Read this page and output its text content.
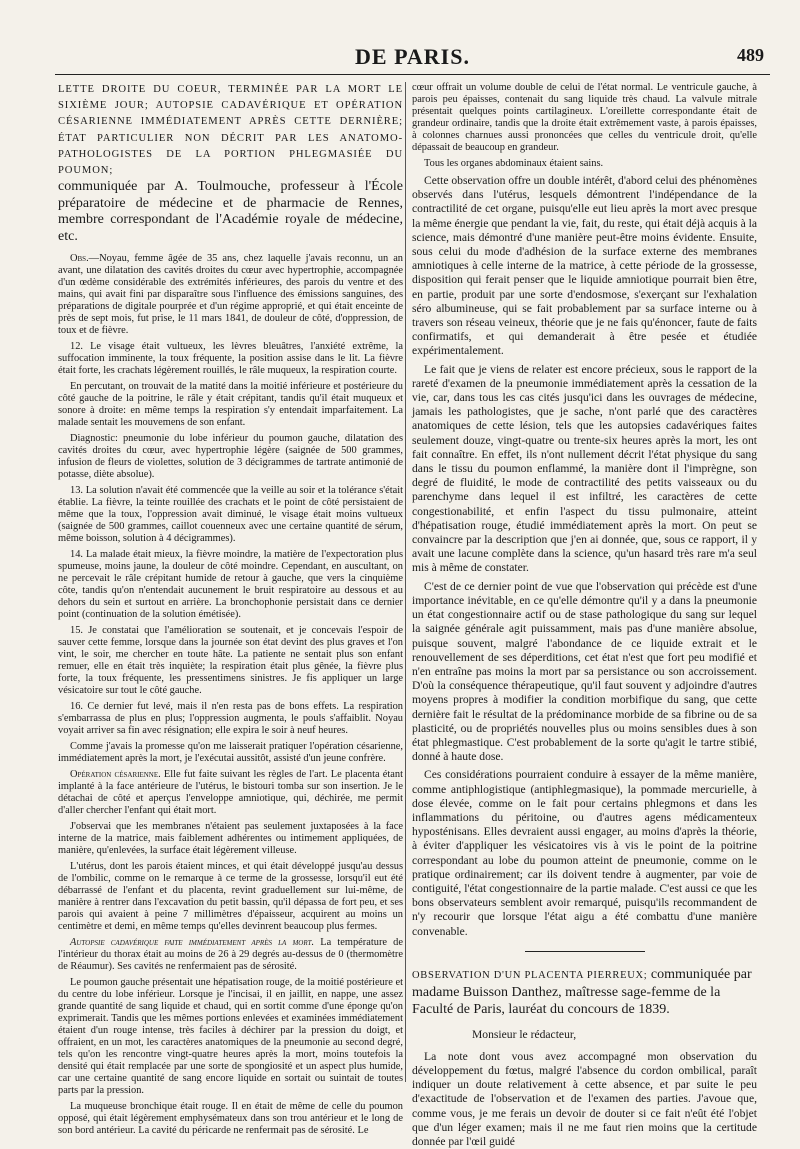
DE PARIS.	489

LETTE DROITE DU COEUR, TERMINÉE PAR LA MORT LE SIXIÈME JOUR; AUTOPSIE CADAVÉRIQUE ET OPÉRATION CÉSARIENNE IMMÉDIATEMENT APRÈS CETTE DERNIÈRE; ÉTAT PARTICULIER NON DÉCRIT PAR LES ANATOMO-PATHOLOGISTES DE LA PORTION PHLEGMASIÉE DU POUMON;

communiquée par A. Toulmouche, professeur à l'École préparatoire de médecine et de pharmacie de Rennes, membre correspondant de l'Académie royale de médecine, etc.

Obs.—Noyau, femme âgée de 35 ans, chez laquelle j'avais reconnu, un an avant, une dilatation des cavités droites du cœur avec hypertrophie, accompagnée d'un œdème considérable des extrémités inférieures, des parois du ventre et des mains, qui avait fini par disparaître sous l'influence des émissions sanguines, des préparations de digitale pourprée et d'un régime approprié, et qui était enceinte de près de sept mois, fut prise, le 11 mars 1841, de douleur de côté, d'oppression, de toux et de fièvre.

12. Le visage était vultueux, les lèvres bleuâtres, l'anxiété extrême, la suffocation imminente, la toux fréquente, la position assise dans le lit. La fièvre était forte, les crachats légèrement rouillés, le râle muqueux, la respiration courte.

En percutant, on trouvait de la matité dans la moitié inférieure et postérieure du côté gauche de la poitrine, le râle y était crépitant, tandis qu'il était muqueux et sonore à droite: en même temps la respiration s'y entendait imparfaitement. La malade sentait les mouvemens de son enfant.

Diagnostic: pneumonie du lobe inférieur du poumon gauche, dilatation des cavités droites du cœur, avec hypertrophie légère (saignée de 500 grammes, infusion de fleurs de violettes, solution de 3 décigrammes de tartrate antimonié de potasse, diète absolue).

13. La solution n'avait été commencée que la veille au soir et la tolérance s'était établie. La fièvre, la teinte rouillée des crachats et le point de côté persistaient de même que la toux, l'oppression avait diminué, le visage était moins vultueux (saignée de 500 grammes, caillot couenneux avec une certaine quantité de sérum, même boisson, solution à 4 décigrammes).

14. La malade était mieux, la fièvre moindre, la matière de l'expectoration plus spumeuse, moins jaune, la douleur de côté moindre. Cependant, en auscultant, on ne percevait le râle crépitant humide de retour à gauche, que vers la cinquième côte, tandis qu'on n'entendait aucunement le bruit respiratoire au dessous et au dehors du sein et surtout en arrière. La bronchophonie persistait dans ce dernier point (continuation de la solution émétisée).

15. Je constatai que l'amélioration se soutenait, et je concevais l'espoir de sauver cette femme, lorsque dans la journée son état devint des plus graves et l'on vint, le soir, me chercher en toute hâte. La patiente ne sentait plus son enfant remuer, elle en était très inquiète; la respiration était plus gênée, la fièvre plus forte, la toux fréquente, les pressentimens sinistres. Je fis appliquer un large vésicatoire sur tout le côté gauche.

16. Ce dernier fut levé, mais il n'en resta pas de bons effets. La respiration s'embarrassa de plus en plus; l'oppression augmenta, le pouls s'affaiblit. Noyau voyait arriver sa fin avec résignation; elle expira le soir à neuf heures.

Comme j'avais la promesse qu'on me laisserait pratiquer l'opération césarienne, immédiatement après la mort, je l'exécutai aussitôt, assisté d'un jeune confrère.

Opération césarienne. Elle fut faite suivant les règles de l'art. Le placenta étant implanté à la face antérieure de l'utérus, le bistouri tomba sur son insertion. Je le détachai de côté et aperçus l'enveloppe amniotique, qui, déchirée, me permit d'aller chercher l'enfant qui était mort.

J'observai que les membranes n'étaient pas seulement juxtaposées à la face interne de la matrice, mais faiblement adhérentes ou intimement appliquées, de manière, qu'enlevées, la surface était légèrement villeuse.

L'utérus, dont les parois étaient minces, et qui était développé jusqu'au dessus de l'ombilic, comme on le remarque à ce terme de la grossesse, lorsqu'il eut été débarrassé de l'enfant et du placenta, revint graduellement sur lui-même, de manière à rentrer dans l'excavation du petit bassin, qu'il dépassa de fort peu, et ses parois qui avaient à peine 7 millimètres d'épaisseur, acquirent au moins un centimètre et demi, en même temps qu'elles devinrent beaucoup plus fermes.

Autopsie cadavérique faite immédiatement après la mort. La température de l'intérieur du thorax était au moins de 26 à 29 degrés au-dessus de 0 (thermomètre de Réaumur). Ses cavités ne renfermaient pas de sérosité.

Le poumon gauche présentait une hépatisation rouge, de la moitié postérieure et du centre du lobe inférieur. Lorsque je l'incisai, il en jaillit, en nappe, une assez grande quantité de sang liquide et chaud, qui en sortit comme d'une éponge qu'on exprimerait. Tandis que les mêmes portions enlevées et examinées immédiatement étaient d'un rouge intense, très faciles à déchirer par la pression du doigt, et offraient, en un mot, les caractères anatomiques de la pneumonie au second degré, tels qu'on les rencontre vingt-quatre heures après la mort, moins toutefois la densité qui était remplacée par une sorte de spongiosité et un aspect plus humide, car une certaine quantité de sang encore liquide en sortait ou suintait de toutes parts par la pression.

La muqueuse bronchique était rouge. Il en était de même de celle du poumon opposé, qui était légèrement emphysémateux dans son trou antérieur et le long de son bord antérieur. La cavité du péricarde ne renfermait pas de sérosité. Le

cœur offrait un volume double de celui de l'état normal. Le ventricule gauche, à parois peu épaisses, contenait du sang liquide très chaud. La valvule mitrale présentait quelques points cartilagineux. L'oreillette correspondante était de grandeur ordinaire, tandis que la droite était extrêmement vaste, à parois épaisses, à colonnes charnues aussi prononcées que celles du ventricule droit, qu'elle dépassait de beaucoup en grandeur.

Tous les organes abdominaux étaient sains.

Cette observation offre un double intérêt, d'abord celui des phénomènes observés dans l'utérus, lesquels démontrent l'indépendance de la contractilité de cet organe, puisqu'elle eut lieu après la mort avec presque la même énergie que pendant la vie, fait, du reste, qui était déjà acquis à la science, mais démontré d'une manière peut-être moins évidente. Ensuite, sous celui du mode d'adhésion de la surface externe des membranes amniotiques à celle interne de la matrice, à cette période de la grossesse, disposition qui ferait penser que le liquide amniotique pourrait bien être, en partie, produit par une sorte d'endosmose, s'exerçant sur l'exhalation séro albumineuse, qui se fait probablement par sa surface interne ou à travers son réseau veineux, théorie que je ne fais qu'énoncer, faute de faits confirmatifs, et qui demanderait à être pesée et étudiée expérimentalement.

Le fait que je viens de relater est encore précieux, sous le rapport de la rareté d'examen de la pneumonie immédiatement après la cessation de la vie, car, dans tous les cas cités jusqu'ici dans les ouvrages de médecine, jamais les pathologistes, que je sache, n'ont parlé que des caractères anatomiques de cette lésion, tels que les autopsies cadavériques faites seulement douze, vingt-quatre ou trente-six heures après la mort, les ont fait connaître. En effet, ils n'ont nullement décrit l'état physique du sang dans le tissu du poumon enflammé, la manière dont il l'imprègne, son degré de fluidité, le mode de contractilité des petits vaisseaux ou du parenchyme dans lequel il est infiltré, les caractères de cette congestionabilité, et enfin l'aspect du tissu pulmonaire, atteint d'hépatisation rouge, étudié immédiatement après la mort. On peut se convaincre par la description que j'en ai donnée, que, sous ce rapport, il y avait une lacune complète dans la science, qu'un hasard très rare m'a seul mis à même de constater.

C'est de ce dernier point de vue que l'observation qui précède est d'une importance inévitable, en ce qu'elle démontre qu'il y a dans la pneumonie un état congestionnaire actif ou de stase pathologique du sang sur lequel la saignée générale agit puissamment, mais pas d'une manière absolue, puisque souvent, malgré l'abondance de ce liquide extrait et le renouvellement de ses déperditions, cet état n'est que fort peu modifié et n'en entraîne pas moins la mort par sa persistance ou son accroissement. D'où la conséquence thérapeutique, qu'il faut souvent y adjoindre d'autres moyens propres à modifier la condition morbifique du sang, que cette dernière fait le résultat de la prédominance morbide de sa fibrine ou de sa plasticité, ou de propriétés nouvelles plus ou moins sensibles dues à son état phlegmastique. C'est probablement de la sorte qu'agit le tartre stibié, donné à haute dose.

Ces considérations pourraient conduire à essayer de la même manière, comme antiphlogistique (antiphlegmasique), la pommade mercurielle, à dose élevée, comme on le fait pour certains phlegmons et dans les inflammations du péritoine, ou d'autres agens médicamenteux hyposténisans. Elles devraient aussi engager, au moins d'après la théorie, à éviter d'appliquer les vésicatoires vis à vis le point de la poitrine correspondant au lobe du poumon atteint de pneumonie, comme on le pratique ordinairement; car ils doivent tendre à augmenter, par voie de contiguité, l'état congestionnaire de la partie malade. C'est aussi ce que les bons observateurs semblent avoir remarqué, puisqu'ils recommandent de n'y recourir que lorsque l'état aigu a été combattu d'une manière convenable.

OBSERVATION D'UN PLACENTA PIERREUX; communiquée par madame Buisson Danthez, maîtresse sage-femme de la Faculté de Paris, lauréat du concours de 1839.

Monsieur le rédacteur,

La note dont vous avez accompagné mon observation du développement du fœtus, malgré l'absence du cordon ombilical, paraît indiquer un doute relativement à cette absence, et par suite le peu d'exactitude de l'observation et de l'examen des parties. J'avoue que, comme vous, je me ferais un devoir de douter si ce fait n'eût été l'objet que d'un léger examen; mais il ne me faut rien moins que la certitude donnée par l'œil guidé
